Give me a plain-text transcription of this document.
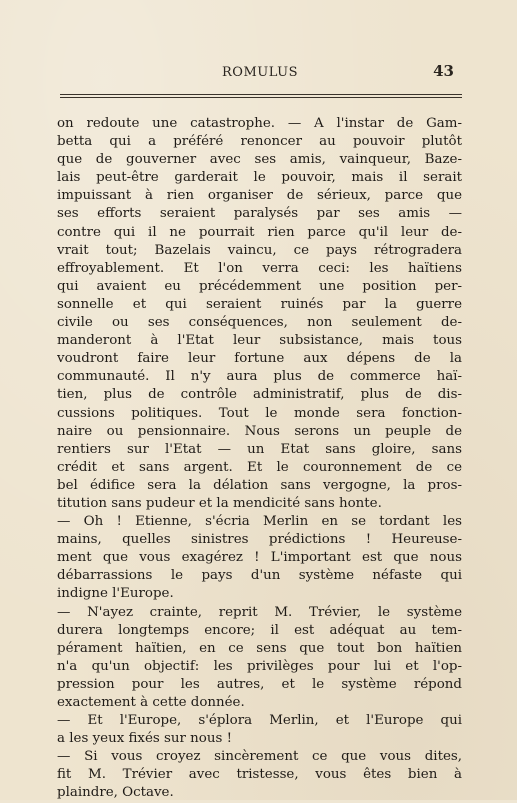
ROMULUS	43
on redoute une catastrophe. — A l'instar de Gam-
betta qui a préféré renoncer au pouvoir plutôt
que de gouverner avec ses amis, vainqueur, Baze-
lais peut-être garderait le pouvoir, mais il serait
impuissant à rien organiser de sérieux, parce que
ses efforts seraient paralysés par ses amis —
contre qui il ne pourrait rien parce qu'il leur de-
vrait tout; Bazelais vaincu, ce pays rétrogradera
effroyablement. Et l'on verra ceci: les haïtiens
qui avaient eu précédemment une position per-
sonnelle et qui seraient ruinés par la guerre
civile ou ses conséquences, non seulement de-
manderont à l'Etat leur subsistance, mais tous
voudront faire leur fortune aux dépens de la
communauté. Il n'y aura plus de commerce haï-
tien, plus de contrôle administratif, plus de dis-
cussions politiques. Tout le monde sera fonction-
naire ou pensionnaire. Nous serons un peuple de
rentiers sur l'Etat — un Etat sans gloire, sans
crédit et sans argent. Et le couronnement de ce
bel édifice sera la délation sans vergogne, la pros-
titution sans pudeur et la mendicité sans honte.
— Oh ! Etienne, s'écria Merlin en se tordant les
mains, quelles sinistres prédictions ! Heureuse-
ment que vous exagérez ! L'important est que nous
débarrassions le pays d'un système néfaste qui
indigne l'Europe.
— N'ayez crainte, reprit M. Trévier, le système
durera longtemps encore; il est adéquat au tem-
pérament haïtien, en ce sens que tout bon haïtien
n'a qu'un objectif: les privilèges pour lui et l'op-
pression pour les autres, et le système répond
exactement à cette donnée.
— Et l'Europe, s'éplora Merlin, et l'Europe qui
a les yeux fixés sur nous !
— Si vous croyez sincèrement ce que vous dites,
fit M. Trévier avec tristesse, vous êtes bien à
plaindre, Octave.
